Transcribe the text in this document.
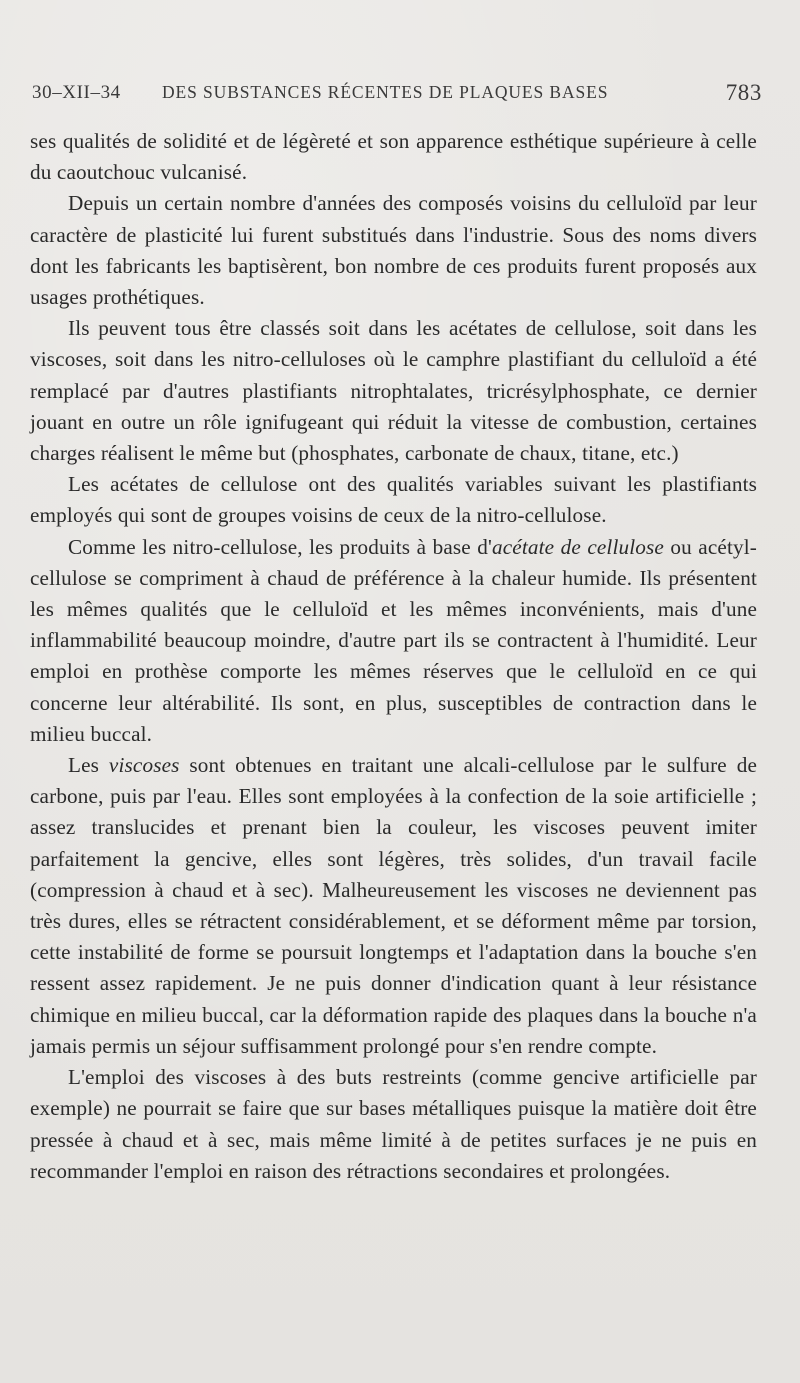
30–XII–34 DES SUBSTANCES RÉCENTES DE PLAQUES BASES	783

ses qualités de solidité et de légèreté et son apparence esthétique supérieure à celle du caoutchouc vulcanisé.

Depuis un certain nombre d'années des composés voisins du celluloïd par leur caractère de plasticité lui furent substitués dans l'industrie. Sous des noms divers dont les fabricants les baptisèrent, bon nombre de ces produits furent proposés aux usages prothétiques.

Ils peuvent tous être classés soit dans les acétates de cellulose, soit dans les viscoses, soit dans les nitro-celluloses où le camphre plastifiant du celluloïd a été remplacé par d'autres plastifiants nitrophtalates, tricrésylphosphate, ce dernier jouant en outre un rôle ignifugeant qui réduit la vitesse de combustion, certaines charges réalisent le même but (phosphates, carbonate de chaux, titane, etc.)

Les acétates de cellulose ont des qualités variables suivant les plastifiants employés qui sont de groupes voisins de ceux de la nitro-cellulose.

Comme les nitro-cellulose, les produits à base d'acétate de cellulose ou acétyl-cellulose se compriment à chaud de préférence à la chaleur humide. Ils présentent les mêmes qualités que le celluloïd et les mêmes inconvénients, mais d'une inflammabilité beaucoup moindre, d'autre part ils se contractent à l'humidité. Leur emploi en prothèse comporte les mêmes réserves que le celluloïd en ce qui concerne leur altérabilité. Ils sont, en plus, susceptibles de contraction dans le milieu buccal.

Les viscoses sont obtenues en traitant une alcali-cellulose par le sulfure de carbone, puis par l'eau. Elles sont employées à la confection de la soie artificielle ; assez translucides et prenant bien la couleur, les viscoses peuvent imiter parfaitement la gencive, elles sont légères, très solides, d'un travail facile (compression à chaud et à sec). Malheureusement les viscoses ne deviennent pas très dures, elles se rétractent considérablement, et se déforment même par torsion, cette instabilité de forme se poursuit longtemps et l'adaptation dans la bouche s'en ressent assez rapidement. Je ne puis donner d'indication quant à leur résistance chimique en milieu buccal, car la déformation rapide des plaques dans la bouche n'a jamais permis un séjour suffisamment prolongé pour s'en rendre compte.

L'emploi des viscoses à des buts restreints (comme gencive artificielle par exemple) ne pourrait se faire que sur bases métalliques puisque la matière doit être pressée à chaud et à sec, mais même limité à de petites surfaces je ne puis en recommander l'emploi en raison des rétractions secondaires et prolongées.
